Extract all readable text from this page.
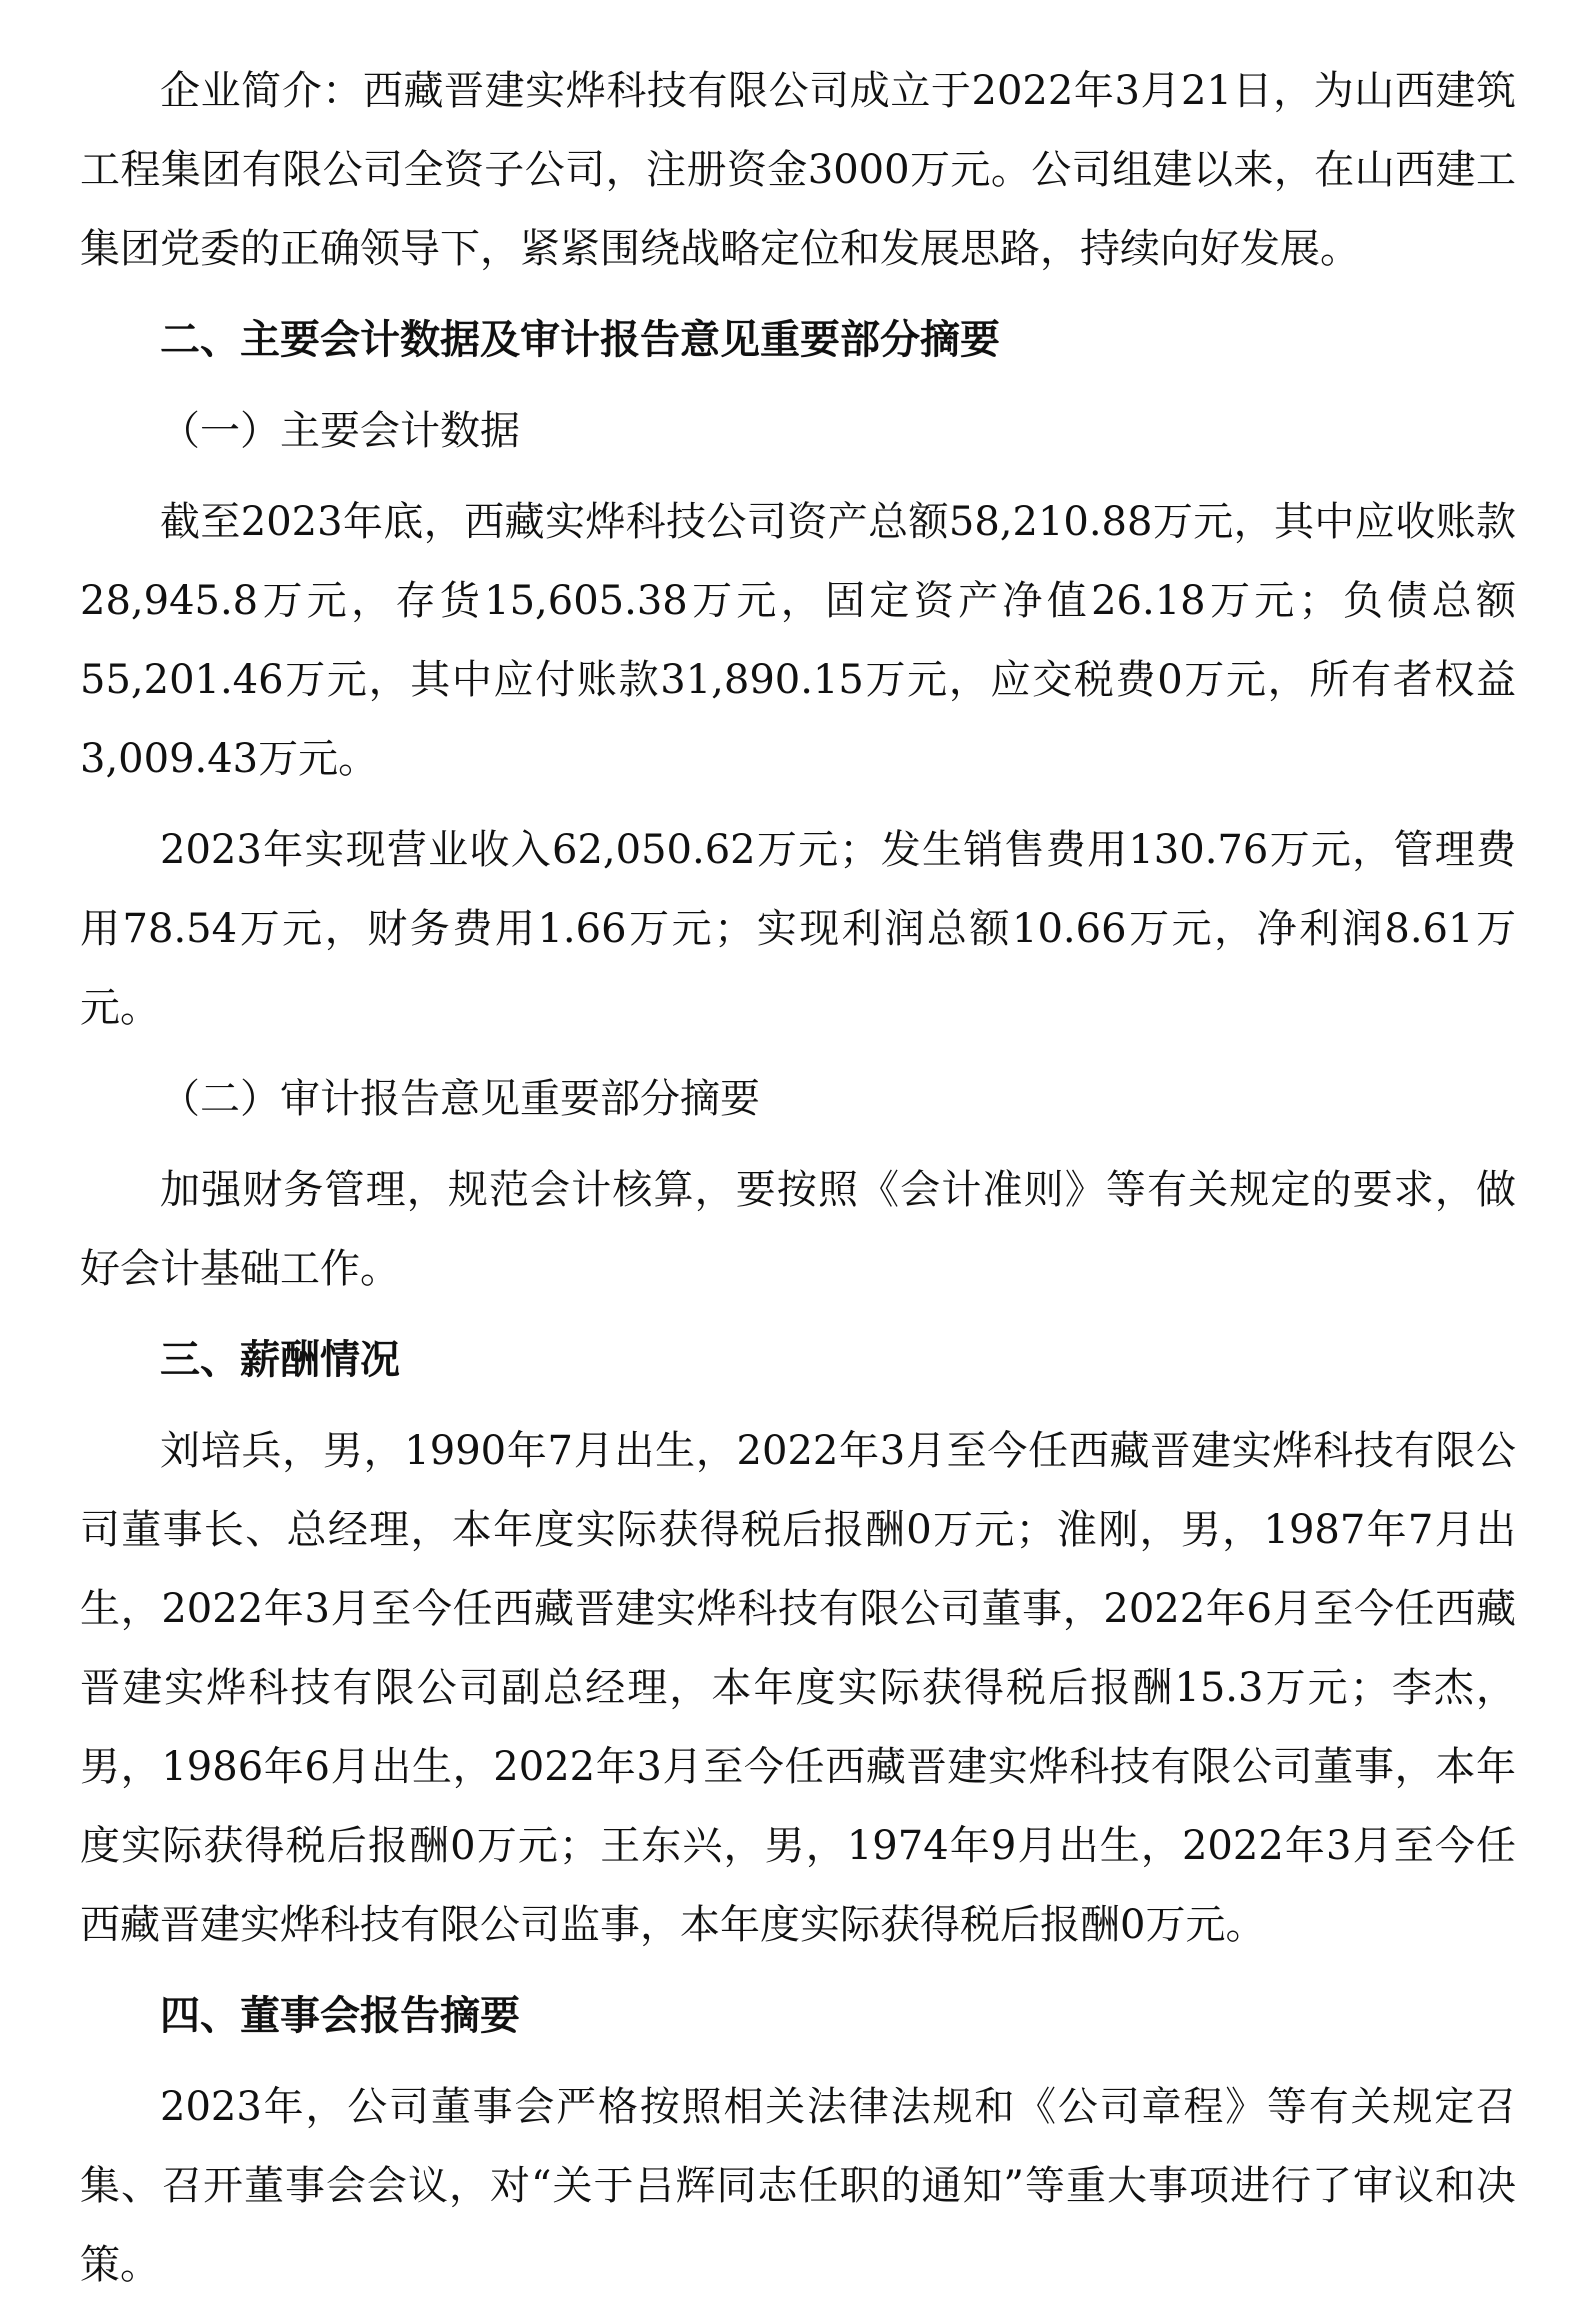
企业简介：西藏晋建实烨科技有限公司成立于2022年3月21日，为山西建筑工程集团有限公司全资子公司，注册资金3000万元。公司组建以来，在山西建工集团党委的正确领导下，紧紧围绕战略定位和发展思路，持续向好发展。

二、主要会计数据及审计报告意见重要部分摘要

（一）主要会计数据

截至2023年底，西藏实烨科技公司资产总额58,210.88万元，其中应收账款28,945.8万元，存货15,605.38万元，固定资产净值26.18万元；负债总额55,201.46万元，其中应付账款31,890.15万元，应交税费0万元，所有者权益3,009.43万元。

2023年实现营业收入62,050.62万元；发生销售费用130.76万元，管理费用78.54万元，财务费用1.66万元；实现利润总额10.66万元，净利润8.61万元。

（二）审计报告意见重要部分摘要

加强财务管理，规范会计核算，要按照《会计准则》等有关规定的要求，做好会计基础工作。

三、薪酬情况

刘培兵，男，1990年7月出生，2022年3月至今任西藏晋建实烨科技有限公司董事长、总经理，本年度实际获得税后报酬0万元；淮刚，男，1987年7月出生，2022年3月至今任西藏晋建实烨科技有限公司董事，2022年6月至今任西藏晋建实烨科技有限公司副总经理，本年度实际获得税后报酬15.3万元；李杰，男，1986年6月出生，2022年3月至今任西藏晋建实烨科技有限公司董事，本年度实际获得税后报酬0万元；王东兴，男，1974年9月出生，2022年3月至今任西藏晋建实烨科技有限公司监事，本年度实际获得税后报酬0万元。

四、董事会报告摘要

2023年，公司董事会严格按照相关法律法规和《公司章程》等有关规定召集、召开董事会会议，对“关于吕辉同志任职的通知”等重大事项进行了审议和决策。
